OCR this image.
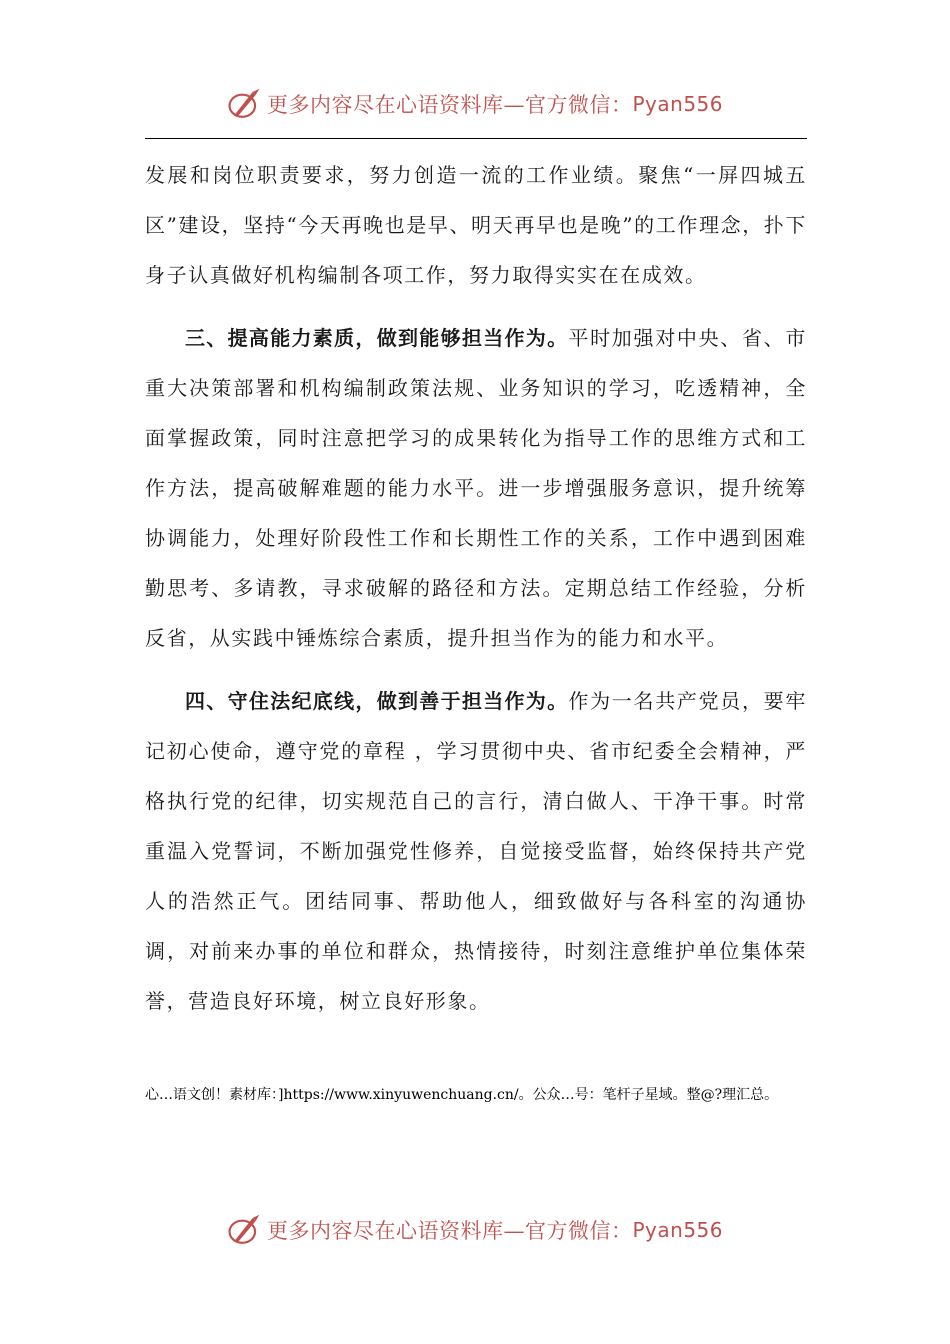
更多内容尽在心语资料库—官方微信： Pyan556

发展和岗位职责要求，努力创造一流的工作业绩。聚焦“一屏四城五区”建设，坚持“今天再晚也是早、明天再早也是晚”的工作理念，扑下身子认真做好机构编制各项工作，努力取得实实在在成效。

三、提高能力素质，做到能够担当作为。平时加强对中央、省、市重大决策部署和机构编制政策法规、业务知识的学习，吃透精神，全面掌握政策，同时注意把学习的成果转化为指导工作的思维方式和工作方法，提高破解难题的能力水平。进一步增强服务意识，提升统筹协调能力，处理好阶段性工作和长期性工作的关系，工作中遇到困难勤思考、多请教，寻求破解的路径和方法。定期总结工作经验，分析反省，从实践中锤炼综合素质，提升担当作为的能力和水平。

四、守住法纪底线，做到善于担当作为。作为一名共产党员，要牢记初心使命，遵守党的章程 ，学习贯彻中央、省市纪委全会精神，严格执行党的纪律，切实规范自己的言行，清白做人、干净干事。时常重温入党誓词，不断加强党性修养，自觉接受监督，始终保持共产党人的浩然正气。团结同事、帮助他人，细致做好与各科室的沟通协调，对前来办事的单位和群众，热情接待，时刻注意维护单位集体荣誉，营造良好环境，树立良好形象。

心…语文创！素材库：]https://www.xinyuwenchuang.cn/。公众…号：笔杆子星域。整@?理汇总。
更多内容尽在心语资料库—官方微信： Pyan556
